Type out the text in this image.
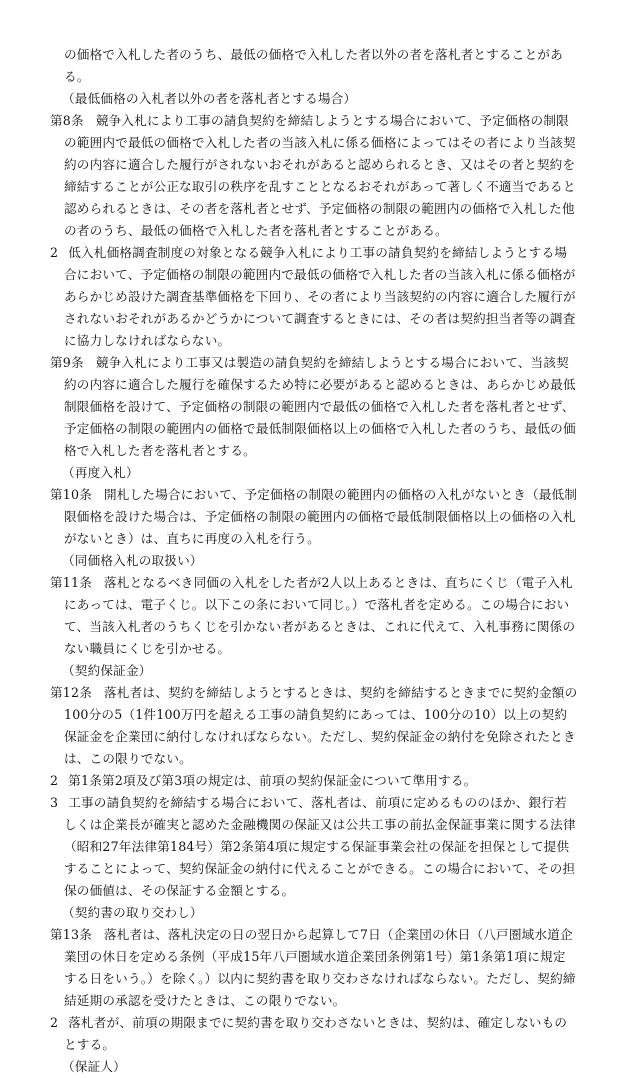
の価格で入札した者のうち、最低の価格で入札した者以外の者を落札者とすることがある。

（最低価格の入札者以外の者を落札者とする場合）

第8条 競争入札により工事の請負契約を締結しようとする場合において、予定価格の制限の範囲内で最低の価格で入札した者の当該入札に係る価格によってはその者により当該契約の内容に適合した履行がされないおそれがあると認められるとき、又はその者と契約を締結することが公正な取引の秩序を乱すこととなるおそれがあって著しく不適当であると認められるときは、その者を落札者とせず、予定価格の制限の範囲内の価格で入札した他の者のうち、最低の価格で入札した者を落札者とすることがある。

2 低入札価格調査制度の対象となる競争入札により工事の請負契約を締結しようとする場合において、予定価格の制限の範囲内で最低の価格で入札した者の当該入札に係る価格があらかじめ設けた調査基準価格を下回り、その者により当該契約の内容に適合した履行がされないおそれがあるかどうかについて調査するときには、その者は契約担当者等の調査に協力しなければならない。

第9条 競争入札により工事又は製造の請負契約を締結しようとする場合において、当該契約の内容に適合した履行を確保するため特に必要があると認めるときは、あらかじめ最低制限価格を設けて、予定価格の制限の範囲内で最低の価格で入札した者を落札者とせず、予定価格の制限の範囲内の価格で最低制限価格以上の価格で入札した者のうち、最低の価格で入札した者を落札者とする。

（再度入札）

第10条 開札した場合において、予定価格の制限の範囲内の価格の入札がないとき（最低制限価格を設けた場合は、予定価格の制限の範囲内の価格で最低制限価格以上の価格の入札がないとき）は、直ちに再度の入札を行う。

（同価格入札の取扱い）

第11条 落札となるべき同価の入札をした者が2人以上あるときは、直ちにくじ（電子入札にあっては、電子くじ。以下この条において同じ。）で落札者を定める。この場合において、当該入札者のうちくじを引かない者があるときは、これに代えて、入札事務に関係のない職員にくじを引かせる。

（契約保証金）

第12条 落札者は、契約を締結しようとするときは、契約を締結するときまでに契約金額の100分の5（1件100万円を超える工事の請負契約にあっては、100分の10）以上の契約保証金を企業団に納付しなければならない。ただし、契約保証金の納付を免除されたときは、この限りでない。

2 第1条第2項及び第3項の規定は、前項の契約保証金について準用する。

3 工事の請負契約を締結する場合において、落札者は、前項に定めるもののほか、銀行若しくは企業長が確実と認めた金融機関の保証又は公共工事の前払金保証事業に関する法律（昭和27年法律第184号）第2条第4項に規定する保証事業会社の保証を担保として提供することによって、契約保証金の納付に代えることができる。この場合において、その担保の価値は、その保証する金額とする。

（契約書の取り交わし）

第13条 落札者は、落札決定の日の翌日から起算して7日（企業団の休日（八戸圏域水道企業団の休日を定める条例（平成15年八戸圏域水道企業団条例第1号）第1条第1項に規定する日をいう。）を除く。）以内に契約書を取り交わさなければならない。ただし、契約締結延期の承認を受けたときは、この限りでない。

2 落札者が、前項の期限までに契約書を取り交わさないときは、契約は、確定しないものとする。

（保証人）
